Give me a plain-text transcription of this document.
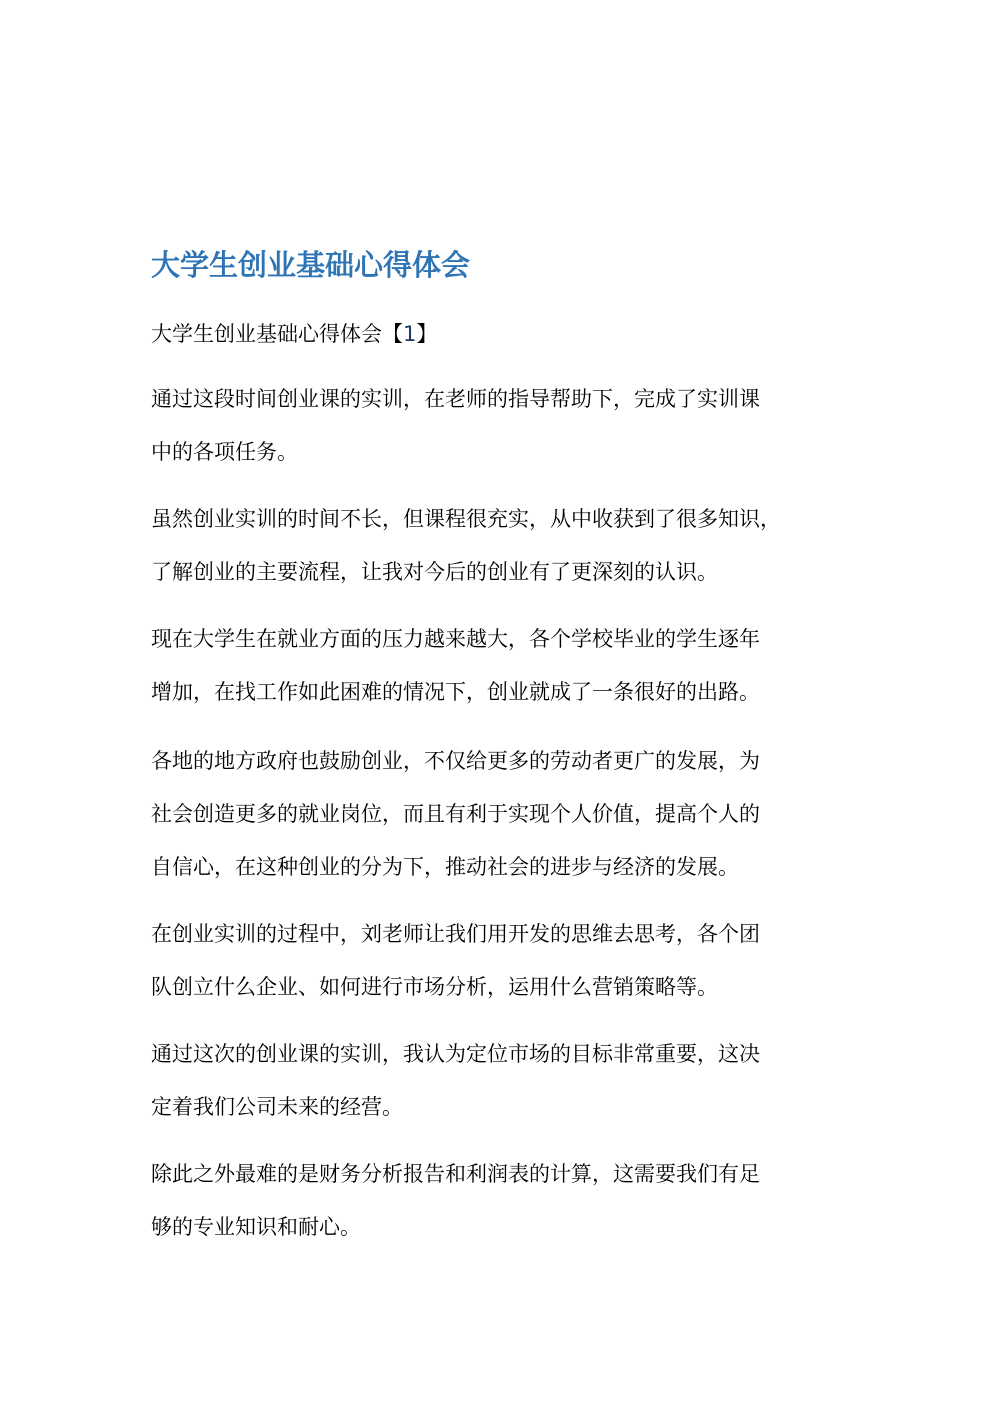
大学生创业基础心得体会

大学生创业基础心得体会【1】

通过这段时间创业课的实训，在老师的指导帮助下，完成了实训课
中的各项任务。

虽然创业实训的时间不长，但课程很充实，从中收获到了很多知识，
了解创业的主要流程，让我对今后的创业有了更深刻的认识。

现在大学生在就业方面的压力越来越大，各个学校毕业的学生逐年
增加，在找工作如此困难的情况下，创业就成了一条很好的出路。

各地的地方政府也鼓励创业，不仅给更多的劳动者更广的发展，为
社会创造更多的就业岗位，而且有利于实现个人价值，提高个人的
自信心，在这种创业的分为下，推动社会的进步与经济的发展。

在创业实训的过程中，刘老师让我们用开发的思维去思考，各个团
队创立什么企业、如何进行市场分析，运用什么营销策略等。

通过这次的创业课的实训，我认为定位市场的目标非常重要，这决
定着我们公司未来的经营。

除此之外最难的是财务分析报告和利润表的计算，这需要我们有足
够的专业知识和耐心。
